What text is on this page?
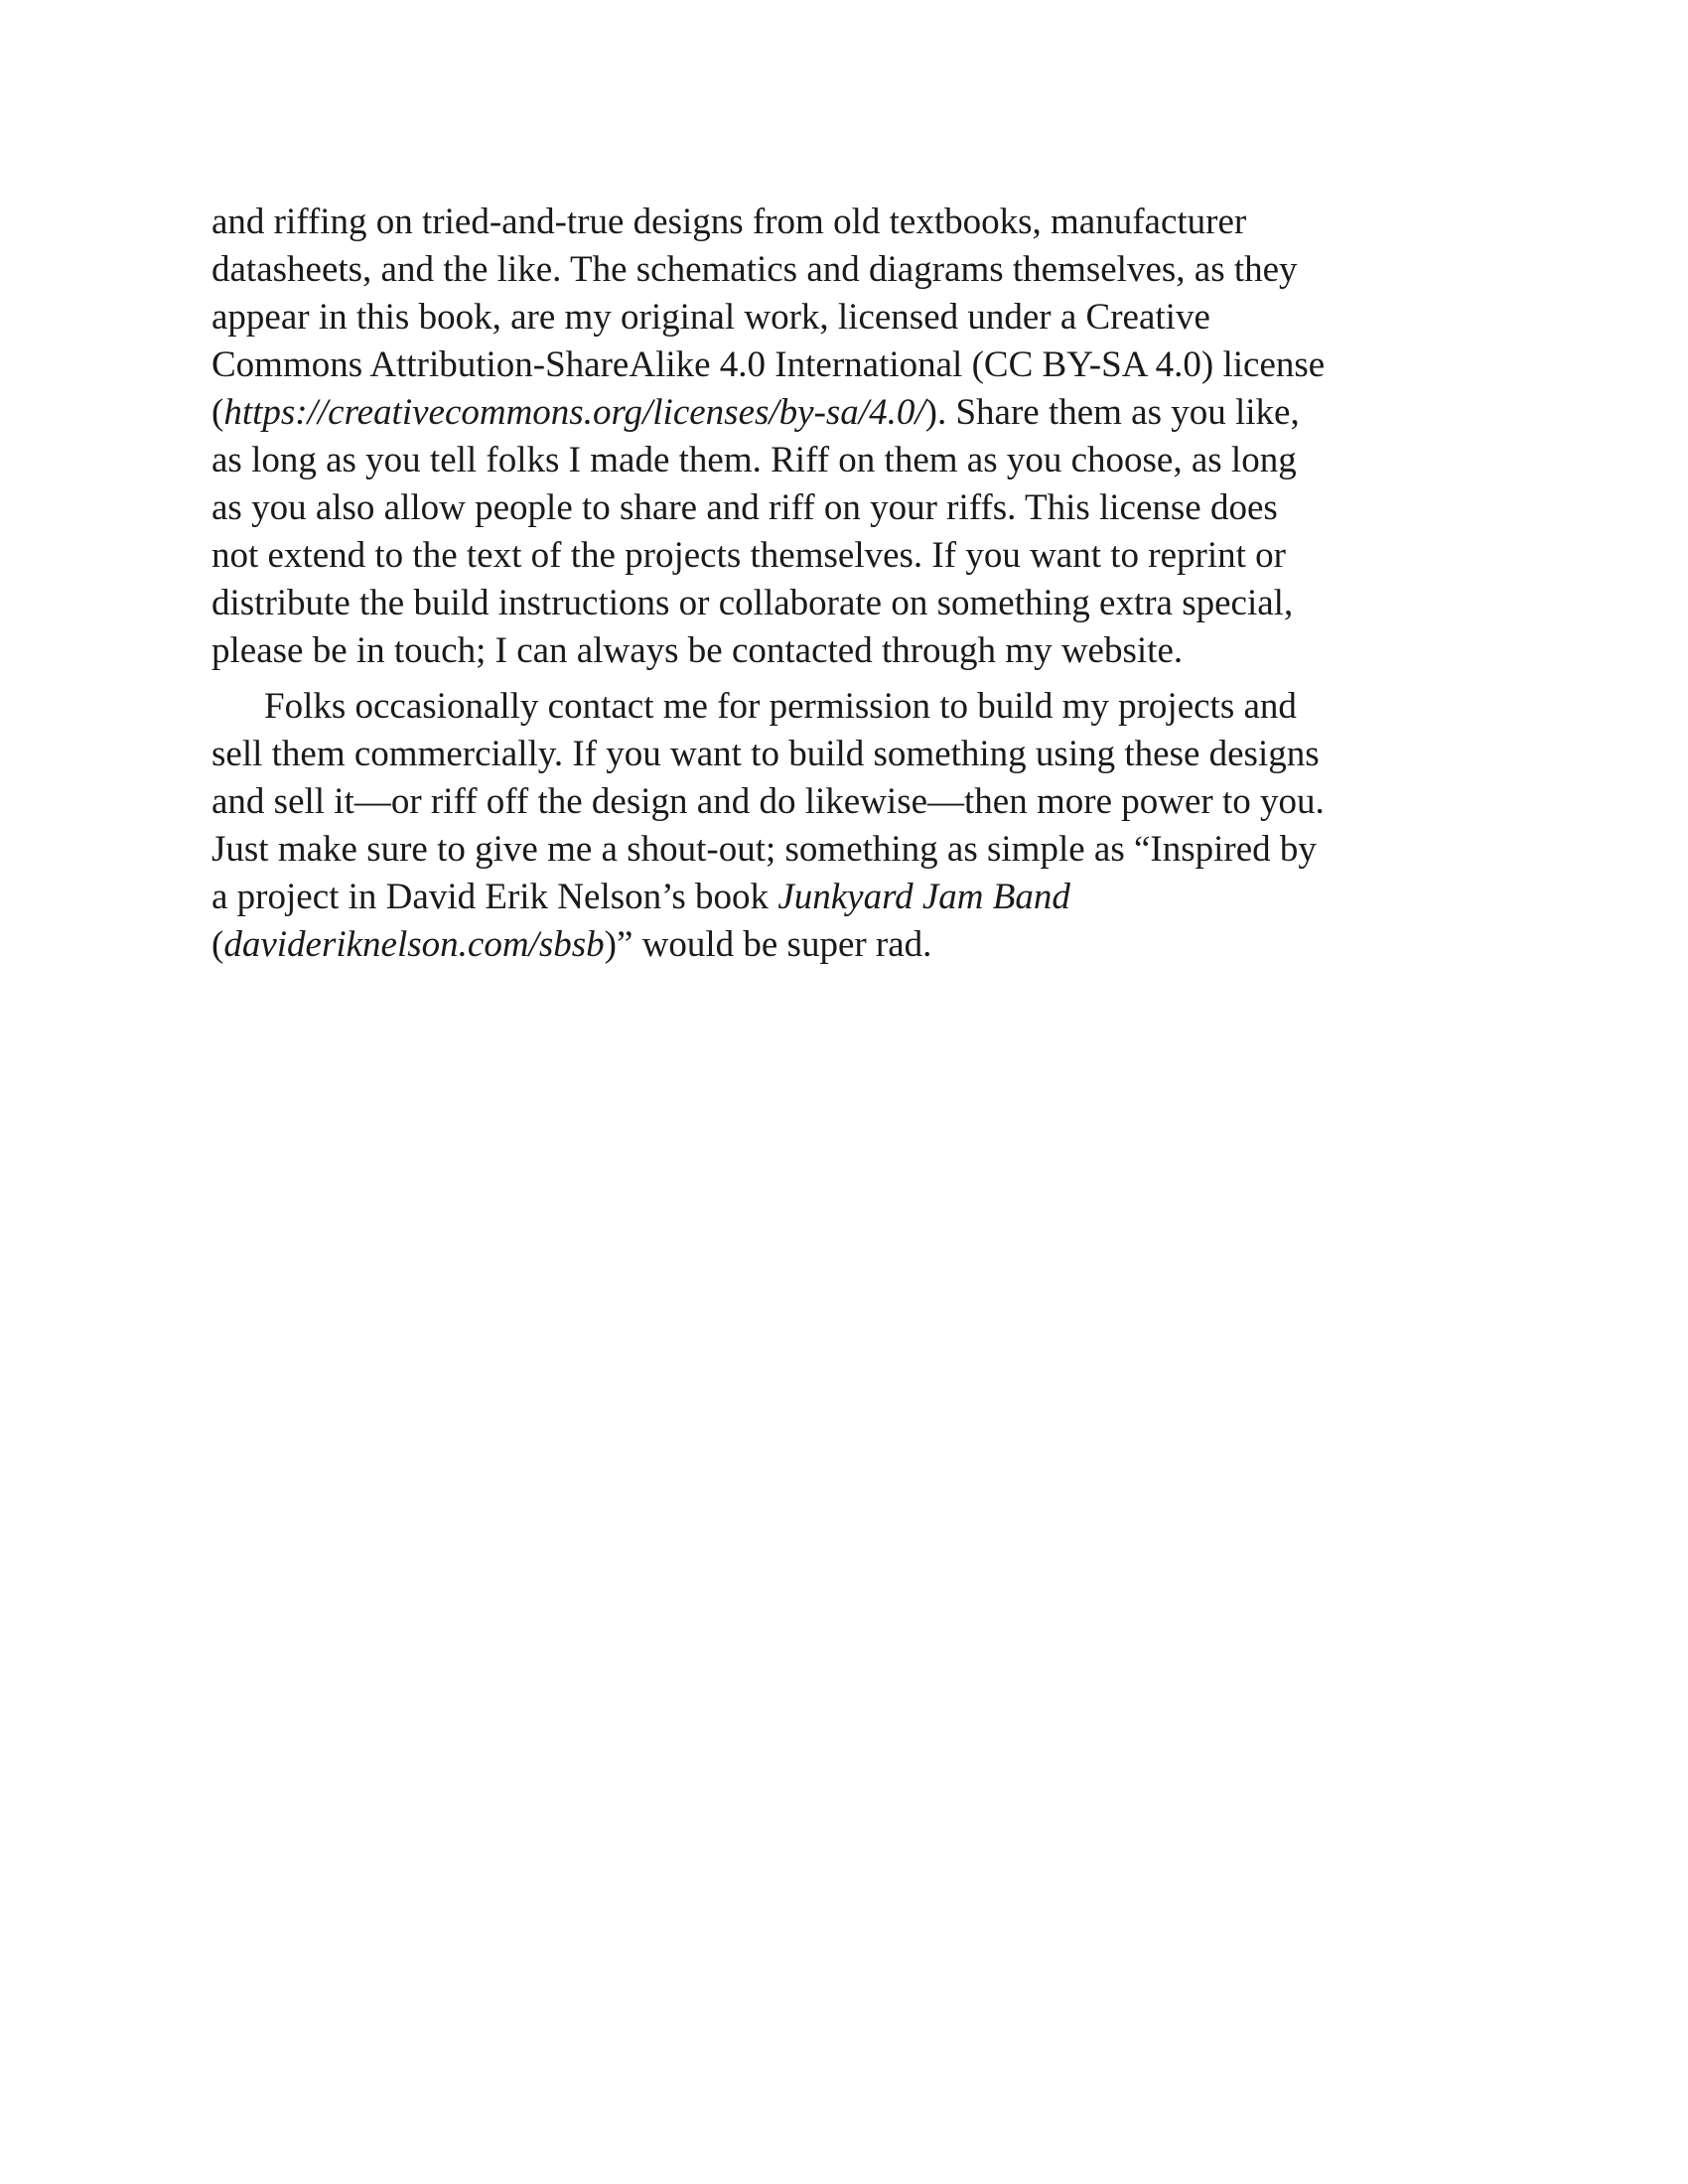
and riffing on tried-and-true designs from old textbooks, manufacturer
datasheets, and the like. The schematics and diagrams themselves, as they
appear in this book, are my original work, licensed under a Creative
Commons Attribution-ShareAlike 4.0 International (CC BY-SA 4.0) license
(https://creativecommons.org/licenses/by-sa/4.0/). Share them as you like,
as long as you tell folks I made them. Riff on them as you choose, as long
as you also allow people to share and riff on your riffs. This license does
not extend to the text of the projects themselves. If you want to reprint or
distribute the build instructions or collaborate on something extra special,
please be in touch; I can always be contacted through my website.

Folks occasionally contact me for permission to build my projects and
sell them commercially. If you want to build something using these designs
and sell it—or riff off the design and do likewise—then more power to you.
Just make sure to give me a shout-out; something as simple as “Inspired by
a project in David Erik Nelson’s book Junkyard Jam Band
(davideriknelson.com/sbsb)” would be super rad.
